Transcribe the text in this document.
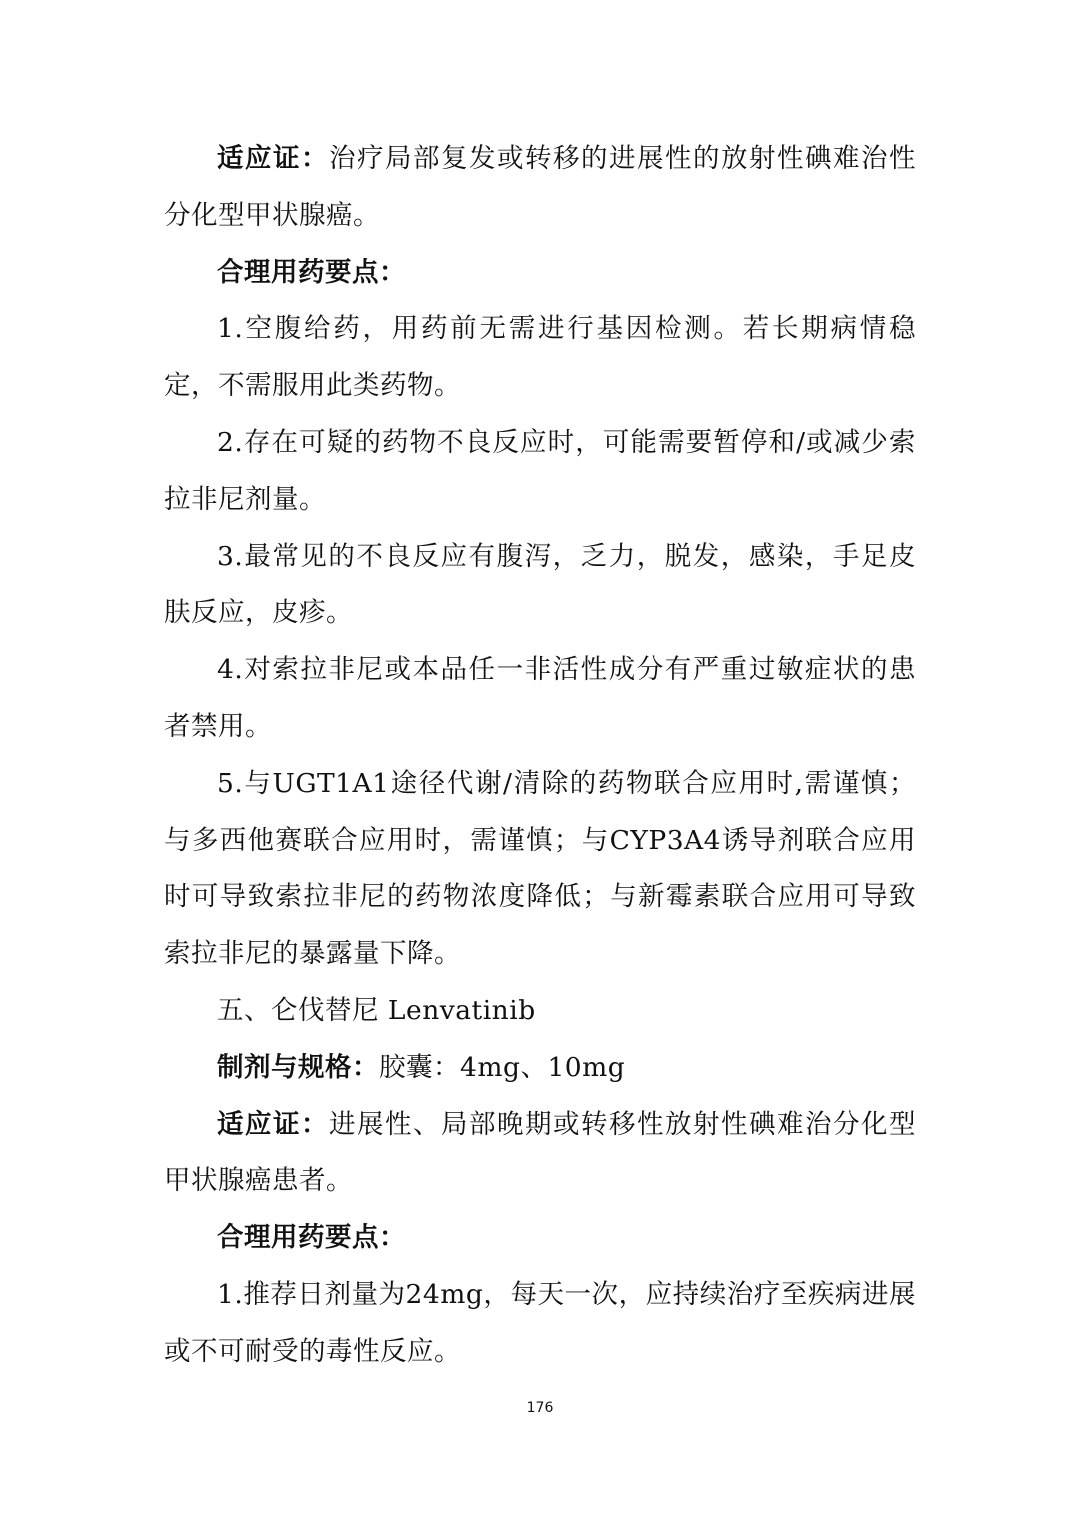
适应证：治疗局部复发或转移的进展性的放射性碘难治性分化型甲状腺癌。

合理用药要点：

1.空腹给药，用药前无需进行基因检测。若长期病情稳定，不需服用此类药物。

2.存在可疑的药物不良反应时，可能需要暂停和/或减少索拉非尼剂量。

3.最常见的不良反应有腹泻，乏力，脱发，感染，手足皮肤反应，皮疹。

4.对索拉非尼或本品任一非活性成分有严重过敏症状的患者禁用。

5.与UGT1A1途径代谢/清除的药物联合应用时,需谨慎；与多西他赛联合应用时，需谨慎；与CYP3A4诱导剂联合应用时可导致索拉非尼的药物浓度降低；与新霉素联合应用可导致索拉非尼的暴露量下降。

五、仑伐替尼 Lenvatinib

制剂与规格：胶囊：4mg、10mg

适应证：进展性、局部晚期或转移性放射性碘难治分化型甲状腺癌患者。

合理用药要点：

1.推荐日剂量为24mg，每天一次，应持续治疗至疾病进展或不可耐受的毒性反应。

176
